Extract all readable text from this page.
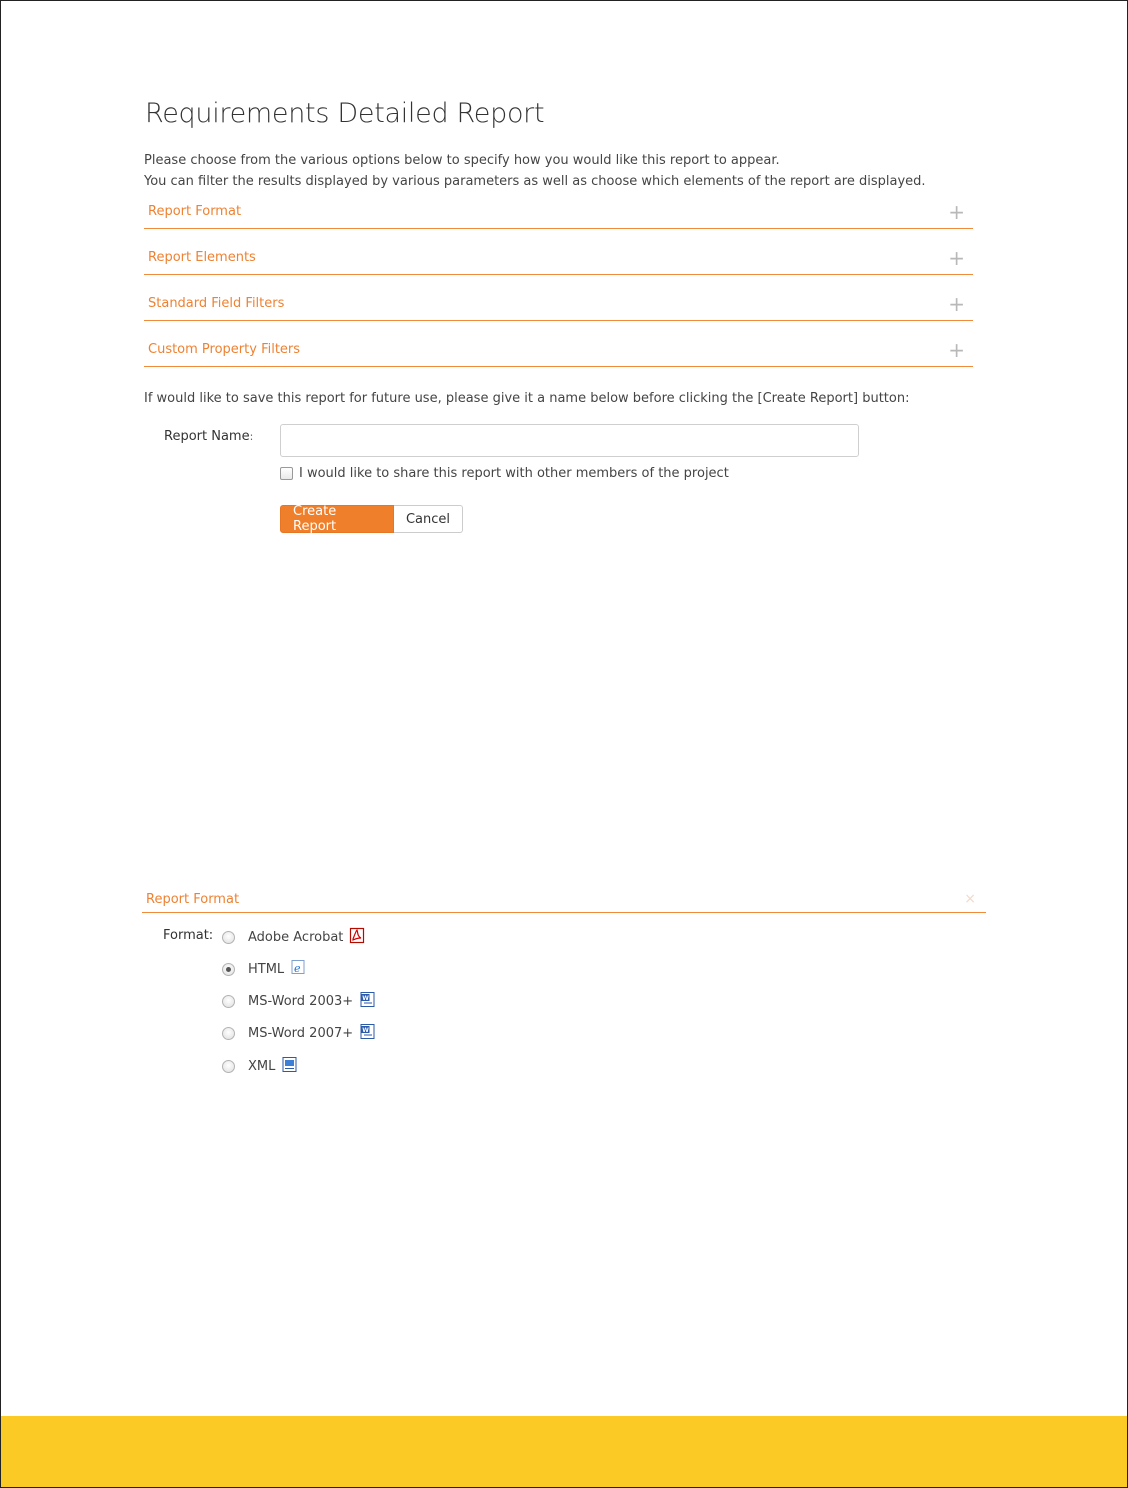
Requirements Detailed Report
Please choose from the various options below to specify how you would like this report to appear.
You can filter the results displayed by various parameters as well as choose which elements of the report are displayed.
Report Format	+
Report Elements	+
Standard Field Filters	+
Custom Property Filters	+
If would like to save this report for future use, please give it a name below before clicking the [Create Report] button:
Report Name:
I would like to share this report with other members of the project
Create Report	Cancel
Report Format	×
Format:	Adobe Acrobat
HTML e
MS-Word 2003+ W
MS-Word 2007+ W
XML
